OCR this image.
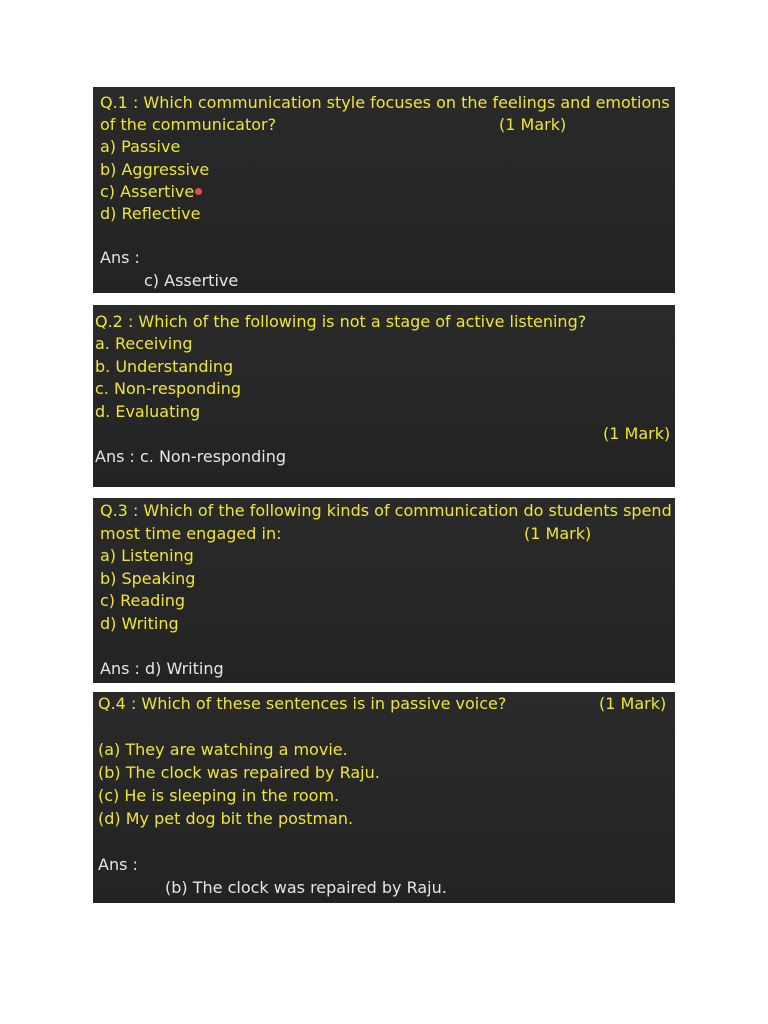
Q.1 : Which communication style focuses on the feelings and emotions
of the communicator?	(1 Mark)
a) Passive
b) Aggressive
c) Assertive
d) Reflective
Ans :
c) Assertive
Q.2 : Which of the following is not a stage of active listening?
a. Receiving
b. Understanding
c. Non-responding
d. Evaluating
(1 Mark)
Ans : c. Non-responding
Q.3 : Which of the following kinds of communication do students spend
most time engaged in:	(1 Mark)
a) Listening
b) Speaking
c) Reading
d) Writing
Ans : d) Writing
Q.4 : Which of these sentences is in passive voice?	(1 Mark)
(a) They are watching a movie.
(b) The clock was repaired by Raju.
(c) He is sleeping in the room.
(d) My pet dog bit the postman.
Ans :
(b) The clock was repaired by Raju.
